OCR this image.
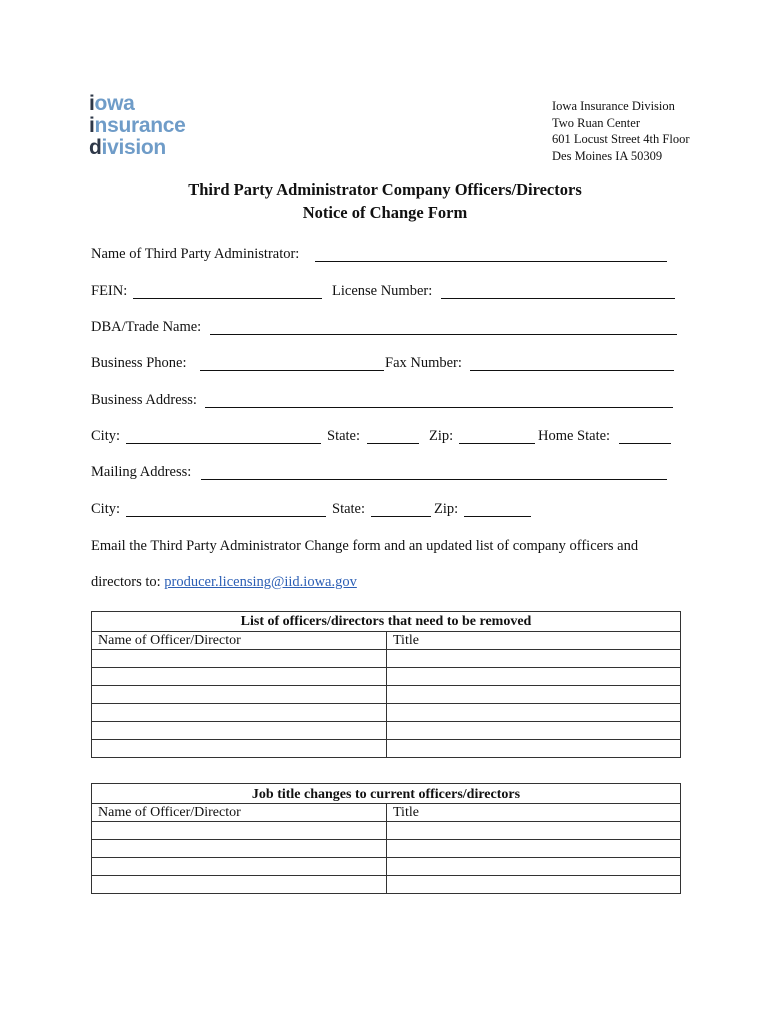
iowa
insurance
division
Iowa Insurance Division
Two Ruan Center
601 Locust Street 4th Floor
Des Moines IA 50309
Third Party Administrator Company Officers/Directors
Notice of Change Form
Name of Third Party Administrator:
FEIN:	License Number:
DBA/Trade Name:
Business Phone:	Fax Number:
Business Address:
City:	State:	Zip:	Home State:
Mailing Address:
City:	State:	Zip:
Email the Third Party Administrator Change form and an updated list of company officers and
directors to: producer.licensing@iid.iowa.gov
List of officers/directors that need to be removed	
Name of Officer/Director	Title

Job title changes to current officers/directors	
Name of Officer/Director	Title
